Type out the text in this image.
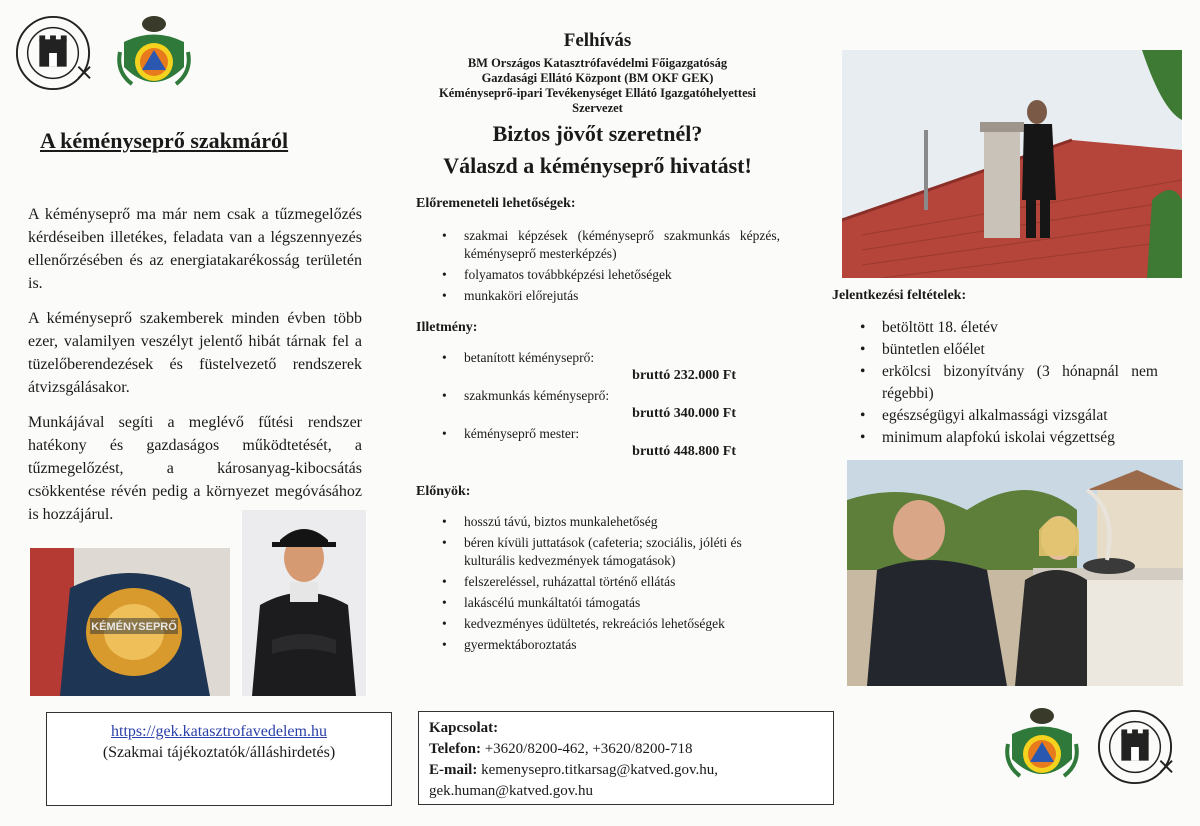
A kéményseprő szakmáról

A kéményseprő ma már nem csak a tűzmegelőzés kérdéseiben illetékes, feladata van a légszennyezés ellenőrzésében és az energiatakarékosság területén is.

A kéményseprő szakemberek minden évben több ezer, valamilyen veszélyt jelentő hibát tárnak fel a tüzelőberendezések és füstelvezető rendszerek átvizsgálásakor.

Munkájával segíti a meglévő fűtési rendszer hatékony és gazdaságos működtetését, a tűzmegelőzést, a károsanyag-kibocsátás csökkentése révén pedig a környezet megóvásához is hozzájárul.

KÉMÉNYSEPRŐ
https://gek.katasztrofavedelem.hu
(Szakmai tájékoztatók/álláshirdetés)
Felhívás
BM Országos Katasztrófavédelmi Főigazgatóság
Gazdasági Ellátó Központ (BM OKF GEK)
Kéményseprő-ipari Tevékenységet Ellátó Igazgatóhelyettesi
Szervezet
Biztos jövőt szeretnél?
Válaszd a kéményseprő hivatást!
Előremeneteli lehetőségek:
• szakmai képzések (kéményseprő szakmunkás képzés, kéményseprő mesterképzés)
• folyamatos továbbképzési lehetőségek
• munkaköri előrejutás
Illetmény:
• betanított kéményseprő:
bruttó 232.000 Ft
• szakmunkás kéményseprő:
bruttó 340.000 Ft
• kéményseprő mester:
bruttó 448.800 Ft
Előnyök:
• hosszú távú, biztos munkalehetőség
• béren kívüli juttatások (cafeteria; szociális, jóléti és kulturális kedvezmények támogatások)
• felszereléssel, ruházattal történő ellátás
• lakáscélú munkáltatói támogatás
• kedvezményes üdültetés, rekreációs lehetőségek
• gyermektáboroztatás
Kapcsolat:
Telefon: +3620/8200-462, +3620/8200-718
E-mail: kemenysepro.titkarsag@katved.gov.hu,
gek.human@katved.gov.hu
Jelentkezési feltételek:
• betöltött 18. életév
• büntetlen előélet
• erkölcsi bizonyítvány (3 hónapnál nem régebbi)
• egészségügyi alkalmassági vizsgálat
• minimum alapfokú iskolai végzettség
